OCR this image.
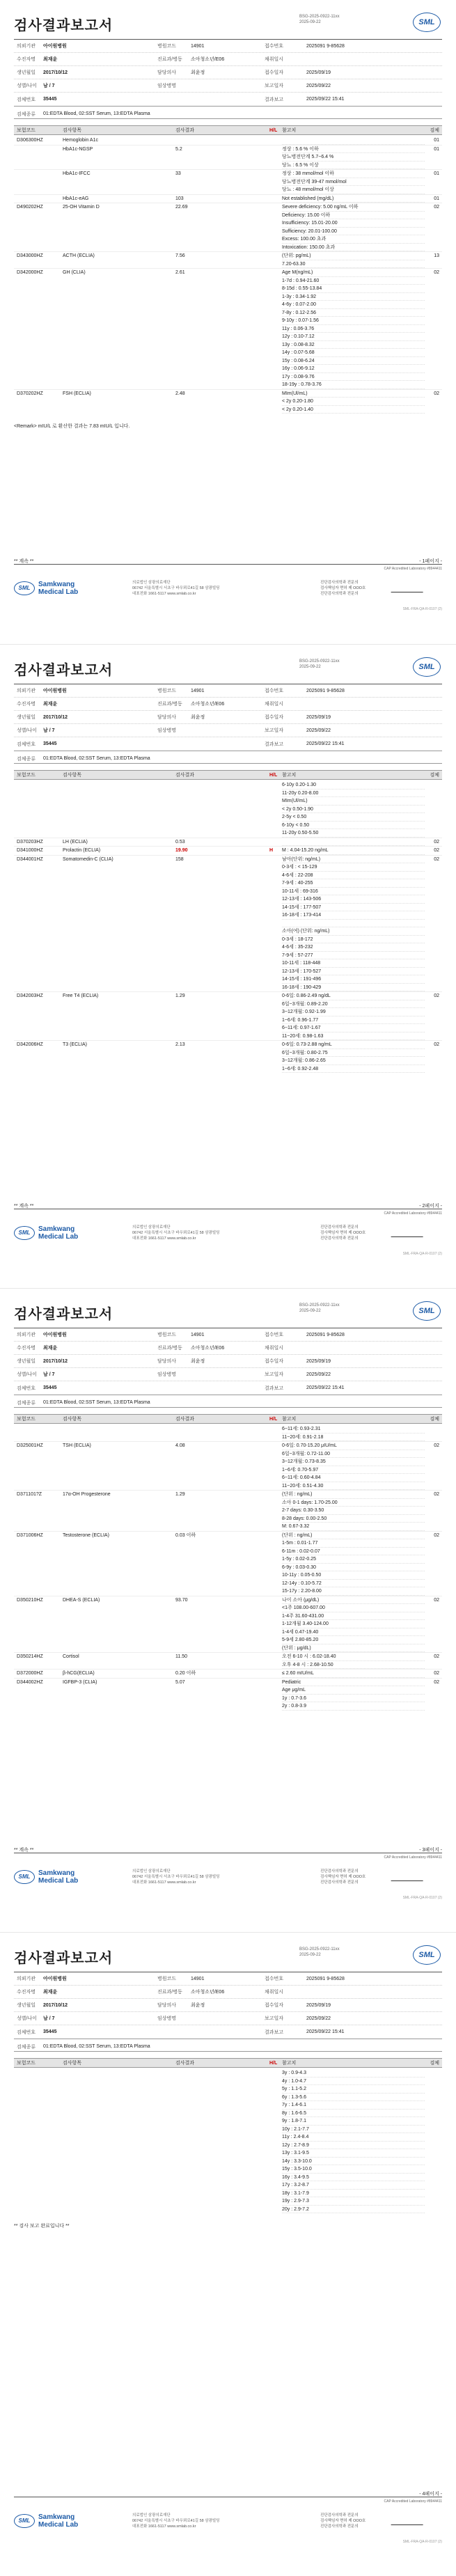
검사결과보고서	BSG-2025-0922-11xx
2025-09-22	SML
의뢰기관	아이원병원	병원코드	14901	접수번호	2025091 9-85628
수진자명	최재윤	진료과/병동	소아청소년/E06	채취일시
생년월일	2017/10/12	담당의사	최윤정	접수일자	2025/09/19
성별/나이	남 / 7	임상병명	보고일자	2025/09/22
검체번호	35445	결과보고	2025/09/22 15:41
검체종류	01:EDTA Blood, 02:SST Serum, 13:EDTA Plasma
보험코드	검사항목	검사결과	H/L 참고치	검체
D306300HZ	Hemoglobin A1c	01
HbA1c-NGSP	5.2	정상 : 5.6 % 이하
당뇨병전단계 5.7~6.4 %
당뇨 : 6.5 % 이상
01
HbA1c-IFCC	33	정상 : 38 mmol/mol 이하
당뇨병전단계 39-47 mmol/mol
당뇨 : 48 mmol/mol 이상
01
HbA1c-eAG	103	Not established (mg/dL)	01
D490202HZ	25-OH Vitamin D	22.69	Severe deficiency: 5.00 ng/mL 이하
Deficiency: 15.00 이하
Insufficiency: 15.01-20.00
Sufficiency: 20.01-100.00
Excess: 100.00 초과
Intoxication: 150.00 초과
02
D343000HZ	ACTH (ECLIA)	7.56	(단위: pg/mL)
7.20-63.30
13
D342000HZ	GH (CLIA)	2.61	Age M(ng/mL)
1-7d : 0.94-21.60
8-15d : 0.55-13.84
1-3y : 0.34-1.92
4-6y : 0.07-2.00
7-8y : 0.12-2.56
9-10y : 0.07-1.56
11y : 0.06-3.76
12y : 0.10-7.12
13y : 0.08-8.32
14y : 0.07-5.68
15y : 0.08-6.24
16y : 0.06-9.12
17y : 0.08-9.76
18-19y : 0.78-3.76
02
D370202HZ	FSH (ECLIA)	2.48	MIm(Ul/mL)
< 2y 0.20-1.80
< 2y 0.20-1.40
02
<Remark> mIU/L 로 환산한 결과는 7.83 mIU/L 입니다.
** 계속 **	- 1페이지 -
CAP Accredited Laboratory #8944411
SML	Samkwang
Medical Lab
의료법인 삼광의료재단
06742 서울특별시 서초구 바우뫼로41길 58 삼광빌딩
대표전화 1661-5117 www.smlab.co.kr
진단검사의학과 전문의
검사책임자 면허 제 OOO호
진단검사의학과 전문의
SML-FRA-QA-R-0107 (2)
검사결과보고서	BSG-2025-0922-11xx
2025-09-22	SML
의뢰기관	아이원병원	병원코드	14901	접수번호	2025091 9-85628
수진자명	최재윤	진료과/병동	소아청소년/E06	채취일시
생년월일	2017/10/12	담당의사	최윤정	접수일자	2025/09/19
성별/나이	남 / 7	임상병명	보고일자	2025/09/22
검체번호	35445	결과보고	2025/09/22 15:41
검체종류	01:EDTA Blood, 02:SST Serum, 13:EDTA Plasma
보험코드	검사항목	검사결과	H/L 참고치	검체
6-10y 0.20-1.30
11-20y 0.20-8.00
MIm(Ul/mL)
< 2y 0.50-1.90
2-5y < 0.50
6-10y < 0.50
11-20y 0.50-5.50
D370203HZ	LH (ECLIA)	0.53	02
D341000HZ	Prolactin (ECLIA)	19.90	H	M : 4.04-15.20 ng/mL	02
D344001HZ	Somatomedin-C (CLIA)	158	남아(단위: ng/mL)
0-3세 : < 15-129
4-6세 : 22-208
7-9세 : 40-255
10-11세 : 69-316
12-13세 : 143-506
14-15세 : 177-507
16-18세 : 173-414
소아(여) (단위: ng/mL)
0-3세 : 18-172
4-6세 : 35-232
7-9세 : 57-277
10-11세 : 118-448
12-13세 : 170-527
14-15세 : 191-496
16-18세 : 190-429
02
D342003HZ	Free T4 (ECLIA)	1.29	0-6일: 0.86-2.49 ng/dL
6일~3개월: 0.89-2.20
3~12개월: 0.92-1.99
1~6세: 0.96-1.77
6~11세: 0.97-1.67
11~20세: 0.98-1.63
02
D342006HZ	T3 (ECLIA)	2.13	0-6일: 0.73-2.88 ng/mL
6일~3개월: 0.80-2.75
3~12개월: 0.86-2.65
1~6세: 0.92-2.48
02
** 계속 **	- 2페이지 -
CAP Accredited Laboratory #8944411
SML	Samkwang
Medical Lab
의료법인 삼광의료재단
06742 서울특별시 서초구 바우뫼로41길 58 삼광빌딩
대표전화 1661-5117 www.smlab.co.kr
진단검사의학과 전문의
검사책임자 면허 제 OOO호
진단검사의학과 전문의
SML-FRA-QA-R-0107 (2)
검사결과보고서	BSG-2025-0922-11xx
2025-09-22	SML
의뢰기관	아이원병원	병원코드	14901	접수번호	2025091 9-85628
수진자명	최재윤	진료과/병동	소아청소년/E06	채취일시
생년월일	2017/10/12	담당의사	최윤정	접수일자	2025/09/19
성별/나이	남 / 7	임상병명	보고일자	2025/09/22
검체번호	35445	결과보고	2025/09/22 15:41
검체종류	01:EDTA Blood, 02:SST Serum, 13:EDTA Plasma
보험코드	검사항목	검사결과	H/L 참고치	검체
6~11세: 0.93-2.31
11~20세: 0.91-2.18
D325001HZ	TSH (ECLIA)	4.08	0-6일: 0.70-15.20 μIU/mL
6일~3개월: 0.72-11.00
3~12개월: 0.73-8.35
1~6세: 0.70-5.97
6~11세: 0.60-4.84
11~20세: 0.51-4.30
02
D371101?Z	17α-OH Progesterone	1.29	(단위 : ng/mL)
소아 0-1 days: 1.70-25.00
2-7 days: 0.30-3.50
8-28 days: 0.00-2.50
M: 0.67-3.32
02
D371006HZ	Testosterone (ECLIA)	0.03 이하	(단위 : ng/mL)
1-5m : 0.01-1.77
6-11m : 0.02-0.07
1-5y : 0.02-0.25
6-9y : 0.03-0.30
10-11y : 0.05-0.50
12-14y : 0.10-5.72
15-17y : 2.20-8.00
02
D350210HZ	DHEA-S (ECLIA)	93.70	나이 소아 (μg/dL)
<1주 108.00-607.00
1-4주 31.60-431.00
1-12개월 3.40-124.00
1-4세 0.47-19.40
5-9세 2.80-85.20
(단위 : μg/dL)
02
D350214HZ	Cortisol	11.50	오전 6-10 시 : 6.02-18.40
오후 4-8 시 : 2.68-10.50
02
D372000HZ	β-hCG(ECLIA)	0.20 이하	≤ 2.60 mIU/mL	02
D344002HZ	IGFBP-3 (CLIA)	5.07	Pediatric
Age μg/mL
1y : 0.7-3.6
2y : 0.8-3.9
02
** 계속 **	- 3페이지 -
CAP Accredited Laboratory #8944411
SML	Samkwang
Medical Lab
의료법인 삼광의료재단
06742 서울특별시 서초구 바우뫼로41길 58 삼광빌딩
대표전화 1661-5117 www.smlab.co.kr
진단검사의학과 전문의
검사책임자 면허 제 OOO호
진단검사의학과 전문의
SML-FRA-QA-R-0107 (2)
검사결과보고서	BSG-2025-0922-11xx
2025-09-22	SML
의뢰기관	아이원병원	병원코드	14901	접수번호	2025091 9-85628
수진자명	최재윤	진료과/병동	소아청소년/E06	채취일시
생년월일	2017/10/12	담당의사	최윤정	접수일자	2025/09/19
성별/나이	남 / 7	임상병명	보고일자	2025/09/22
검체번호	35445	결과보고	2025/09/22 15:41
검체종류	01:EDTA Blood, 02:SST Serum, 13:EDTA Plasma
보험코드	검사항목	검사결과	H/L 참고치	검체
3y : 0.9-4.3
4y : 1.0-4.7
5y : 1.1-5.2
6y : 1.3-5.6
7y : 1.4-6.1
8y : 1.6-6.5
9y : 1.8-7.1
10y : 2.1-7.7
11y : 2.4-8.4
12y : 2.7-8.9
13y : 3.1-9.5
14y : 3.3-10.0
15y : 3.5-10.0
16y : 3.4-9.5
17y : 3.2-8.7
18y : 3.1-7.9
19y : 2.9-7.3
20y : 2.9-7.2
** 검사 보고 완료입니다 **
- 4페이지 -
CAP Accredited Laboratory #8944411
SML	Samkwang
Medical Lab
의료법인 삼광의료재단
06742 서울특별시 서초구 바우뫼로41길 58 삼광빌딩
대표전화 1661-5117 www.smlab.co.kr
진단검사의학과 전문의
검사책임자 면허 제 OOO호
진단검사의학과 전문의
SML-FRA-QA-R-0107 (2)
